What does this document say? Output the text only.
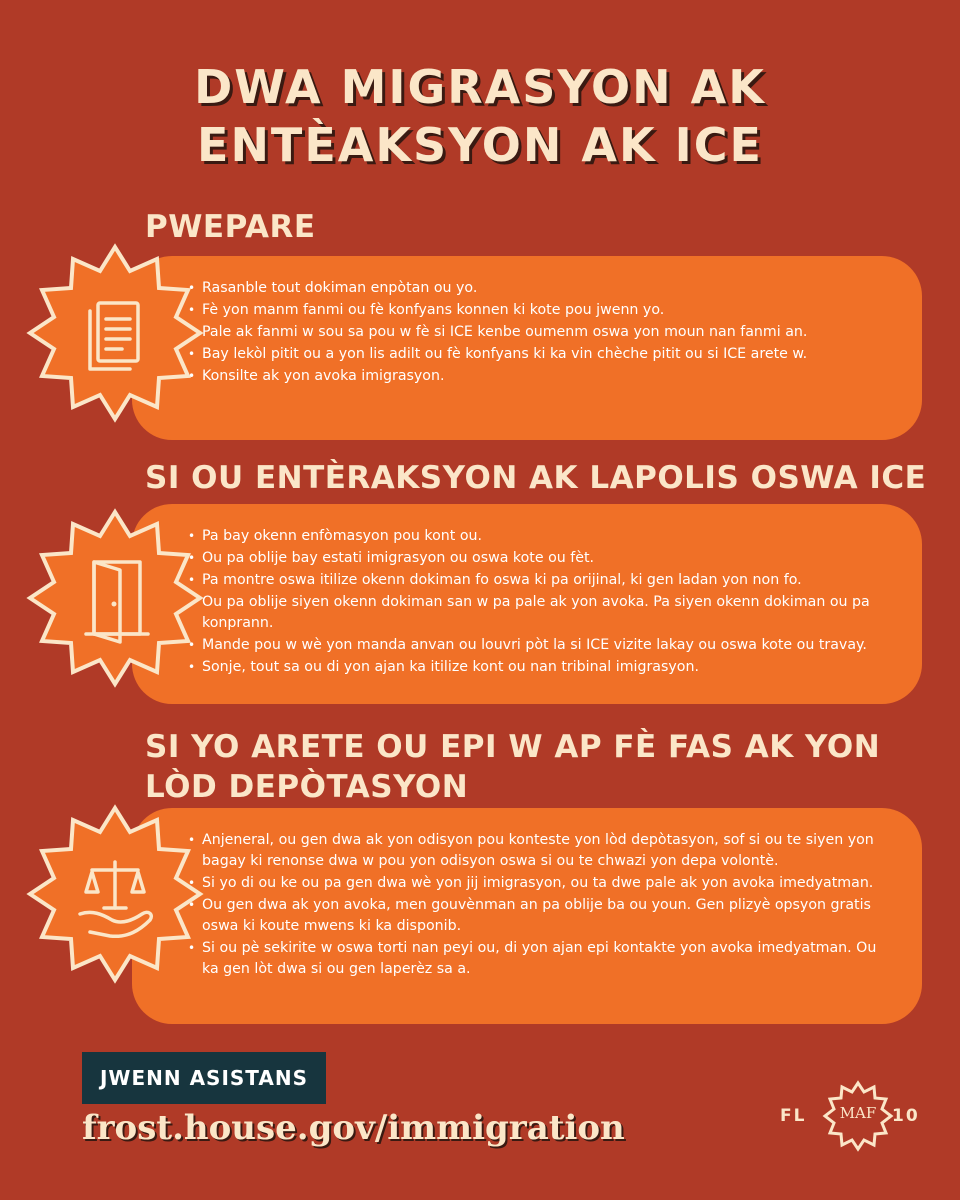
DWA MIGRASYON AK
ENTÈAKSYON AK ICE
PWEPARE
• Rasanble tout dokiman enpòtan ou yo.
• Fè yon manm fanmi ou fè konfyans konnen ki kote pou jwenn yo.
• Pale ak fanmi w sou sa pou w fè si ICE kenbe oumenm oswa yon moun nan fanmi an.
• Bay lekòl pitit ou a yon lis adilt ou fè konfyans ki ka vin chèche pitit ou si ICE arete w.
• Konsilte ak yon avoka imigrasyon.
SI OU ENTÈRAKSYON AK LAPOLIS OSWA ICE
• Pa bay okenn enfòmasyon pou kont ou.
• Ou pa oblije bay estati imigrasyon ou oswa kote ou fèt.
• Pa montre oswa itilize okenn dokiman fo oswa ki pa orijinal, ki gen ladan yon non fo.
• Ou pa oblije siyen okenn dokiman san w pa pale ak yon avoka. Pa siyen okenn dokiman ou pa konprann.
• Mande pou w wè yon manda anvan ou louvri pòt la si ICE vizite lakay ou oswa kote ou travay.
• Sonje, tout sa ou di yon ajan ka itilize kont ou nan tribinal imigrasyon.
SI YO ARETE OU EPI W AP FÈ FAS AK YON
LÒD DEPÒTASYON
• Anjeneral, ou gen dwa ak yon odisyon pou konteste yon lòd depòtasyon, sof si ou te siyen yon bagay ki renonse dwa w pou yon odisyon oswa si ou te chwazi yon depa volontè.
• Si yo di ou ke ou pa gen dwa wè yon jij imigrasyon, ou ta dwe pale ak yon avoka imedyatman.
• Ou gen dwa ak yon avoka, men gouvènman an pa oblije ba ou youn. Gen plizyè opsyon gratis oswa ki koute mwens ki ka disponib.
• Si ou pè sekirite w oswa torti nan peyi ou, di yon ajan epi kontakte yon avoka imedyatman. Ou ka gen lòt dwa si ou gen laperèz sa a.
JWENN ASISTANS
frost.house.gov/immigration	FL	MAF 10
